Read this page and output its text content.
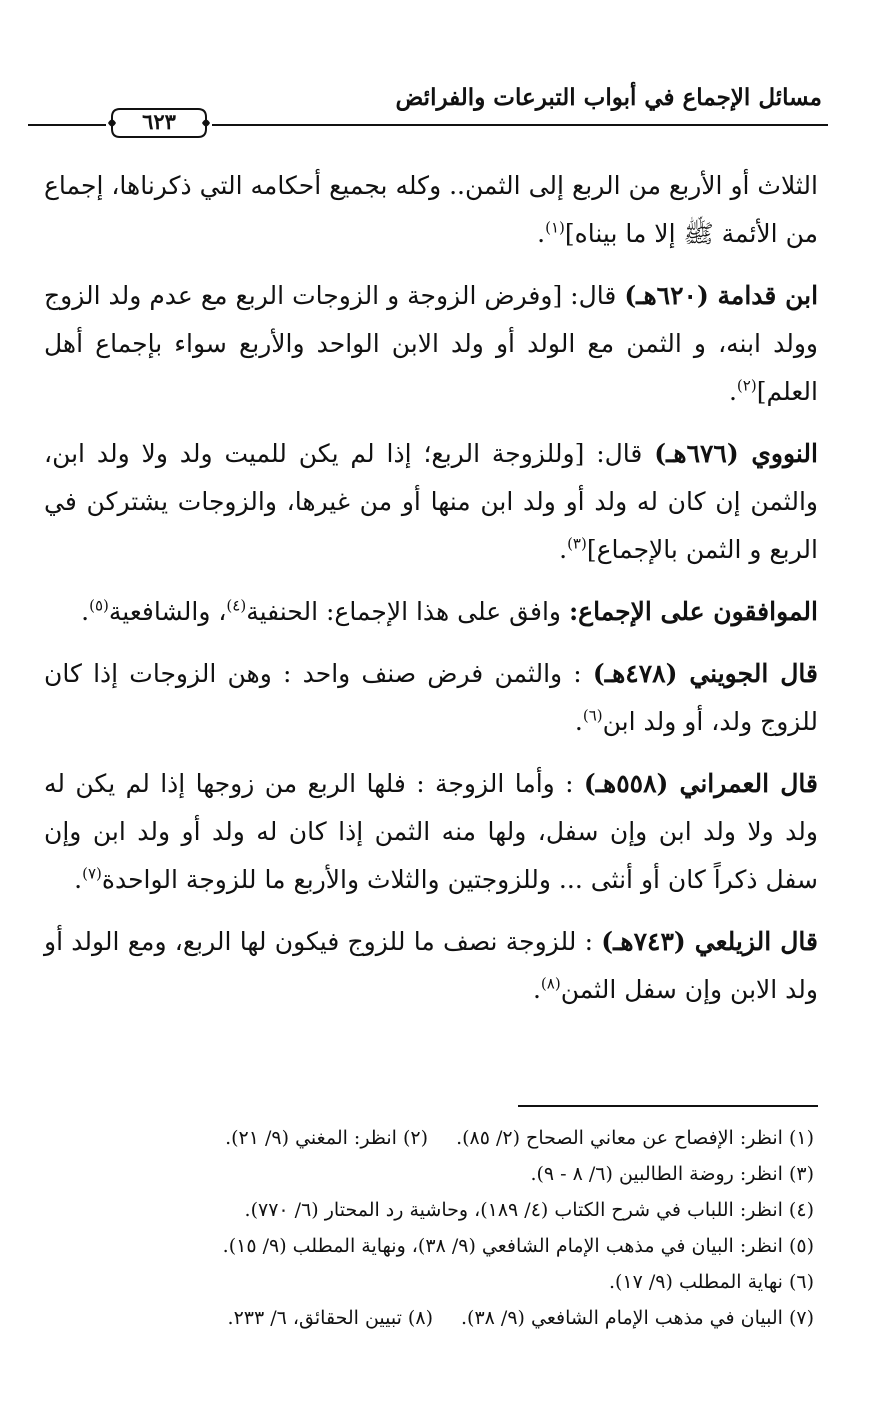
مسائل الإجماع في أبواب التبرعات والفرائض
٦٢٣

الثلاث أو الأربع من الربع إلى الثمن.. وكله بجميع أحكامه التي ذكرناها، إجماع من الأئمة ﷺ إلا ما بيناه]$^{(١)}$.

ابن قدامة (٦٢٠هـ) قال: [وفرض الزوجة و الزوجات الربع مع عدم ولد الزوج وولد ابنه، و الثمن مع الولد أو ولد الابن الواحد والأربع سواء بإجماع أهل العلم]$^{(٢)}$.

النووي (٦٧٦هـ) قال: [وللزوجة الربع؛ إذا لم يكن للميت ولد ولا ولد ابن، والثمن إن كان له ولد أو ولد ابن منها أو من غيرها، والزوجات يشتركن في الربع و الثمن بالإجماع]$^{(٣)}$.

الموافقون على الإجماع: وافق على هذا الإجماع: الحنفية$^{(٤)}$، والشافعية$^{(٥)}$.

قال الجويني (٤٧٨هـ) : والثمن فرض صنف واحد : وهن الزوجات إذا كان للزوج ولد، أو ولد ابن$^{(٦)}$.

قال العمراني (٥٥٨هـ) : وأما الزوجة : فلها الربع من زوجها إذا لم يكن له ولد ولا ولد ابن وإن سفل، ولها منه الثمن إذا كان له ولد أو ولد ابن وإن سفل ذكراً كان أو أنثى ... وللزوجتين والثلاث والأربع ما للزوجة الواحدة$^{(٧)}$.

قال الزيلعي (٧٤٣هـ) : للزوجة نصف ما للزوج فيكون لها الربع، ومع الولد أو ولد الابن وإن سفل الثمن$^{(٨)}$.

(١) انظر: الإفصاح عن معاني الصحاح (٢/ ٨٥).(٢) انظر: المغني (٩/ ٢١).
(٣) انظر: روضة الطالبين (٦/ ٨ - ٩).
(٤) انظر: اللباب في شرح الكتاب (٤/ ١٨٩)، وحاشية رد المحتار (٦/ ٧٧٠).
(٥) انظر: البيان في مذهب الإمام الشافعي (٩/ ٣٨)، ونهاية المطلب (٩/ ١٥).
(٦) نهاية المطلب (٩/ ١٧).
(٧) البيان في مذهب الإمام الشافعي (٩/ ٣٨).(٨) تبيين الحقائق، ٦/ ٢٣٣.
